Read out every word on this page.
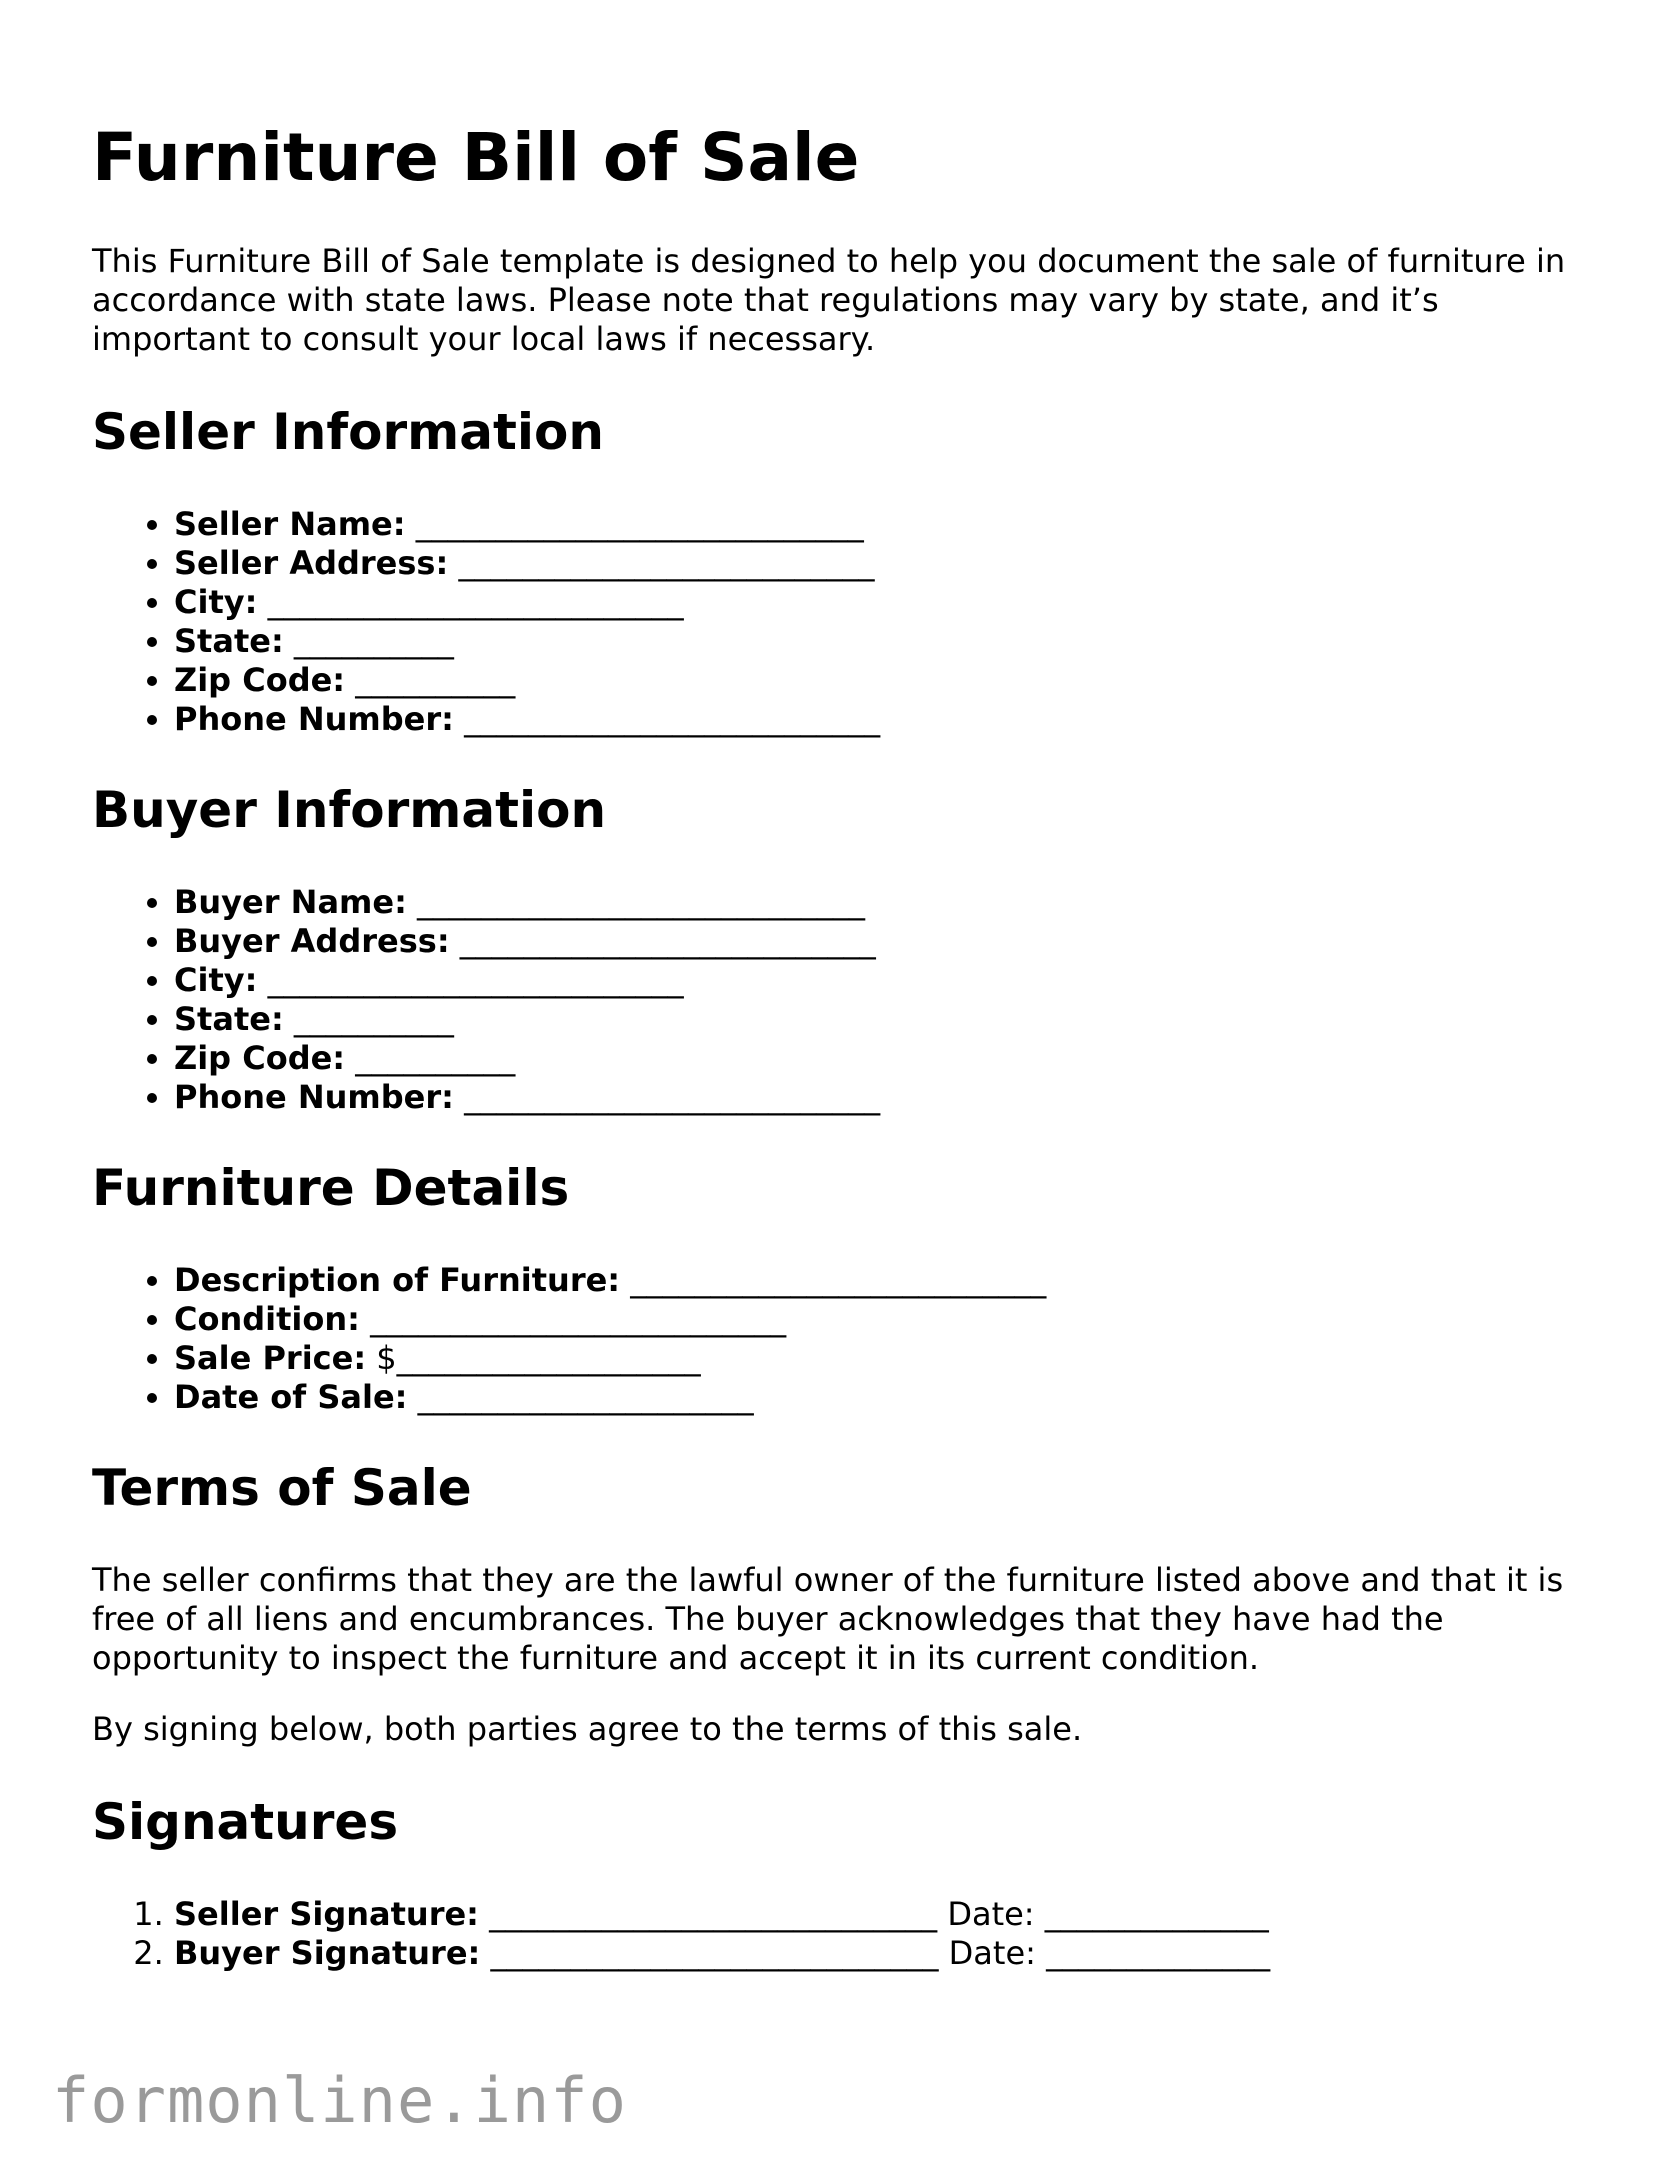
Furniture Bill of Sale

This Furniture Bill of Sale template is designed to help you document the sale of furniture in accordance with state laws. Please note that regulations may vary by state, and it’s important to consult your local laws if necessary.

Seller Information
• Seller Name: ____________________________
• Seller Address: __________________________
• City: __________________________
• State: __________
• Zip Code: __________
• Phone Number: __________________________
Buyer Information
• Buyer Name: ____________________________
• Buyer Address: __________________________
• City: __________________________
• State: __________
• Zip Code: __________
• Phone Number: __________________________
Furniture Details
• Description of Furniture: __________________________
• Condition: __________________________
• Sale Price: $___________________
• Date of Sale: _____________________
Terms of Sale

The seller confirms that they are the lawful owner of the furniture listed above and that it is free of all liens and encumbrances. The buyer acknowledges that they have had the opportunity to inspect the furniture and accept it in its current condition.

By signing below, both parties agree to the terms of this sale.

Signatures
1. Seller Signature: ____________________________ Date: ______________
2. Buyer Signature: ____________________________ Date: ______________
formonline.info
